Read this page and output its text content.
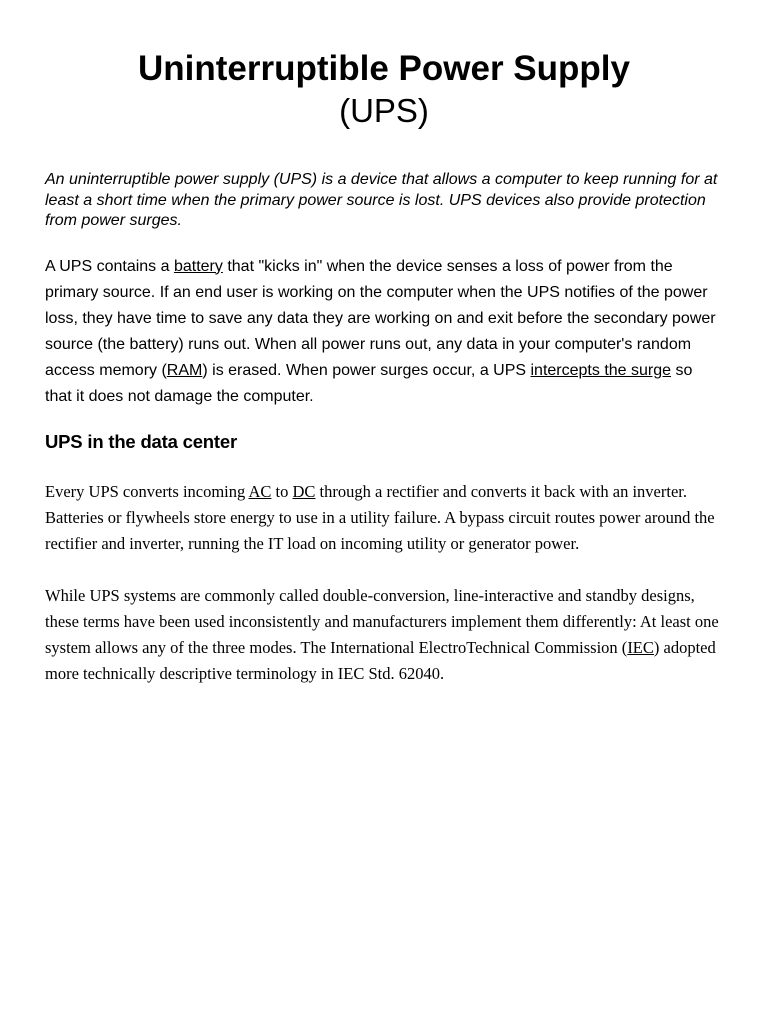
Uninterruptible Power Supply
(UPS)

An uninterruptible power supply (UPS) is a device that allows a computer to keep running for at least a short time when the primary power source is lost. UPS devices also provide protection from power surges.

A UPS contains a battery that "kicks in" when the device senses a loss of power from the primary source. If an end user is working on the computer when the UPS notifies of the power loss, they have time to save any data they are working on and exit before the secondary power source (the battery) runs out. When all power runs out, any data in your computer's random access memory (RAM) is erased. When power surges occur, a UPS intercepts the surge so that it does not damage the computer.

UPS in the data center

Every UPS converts incoming AC to DC through a rectifier and converts it back with an inverter. Batteries or flywheels store energy to use in a utility failure. A bypass circuit routes power around the rectifier and inverter, running the IT load on incoming utility or generator power.

While UPS systems are commonly called double-conversion, line-interactive and standby designs, these terms have been used inconsistently and manufacturers implement them differently: At least one system allows any of the three modes. The International ElectroTechnical Commission (IEC) adopted more technically descriptive terminology in IEC Std. 62040.
